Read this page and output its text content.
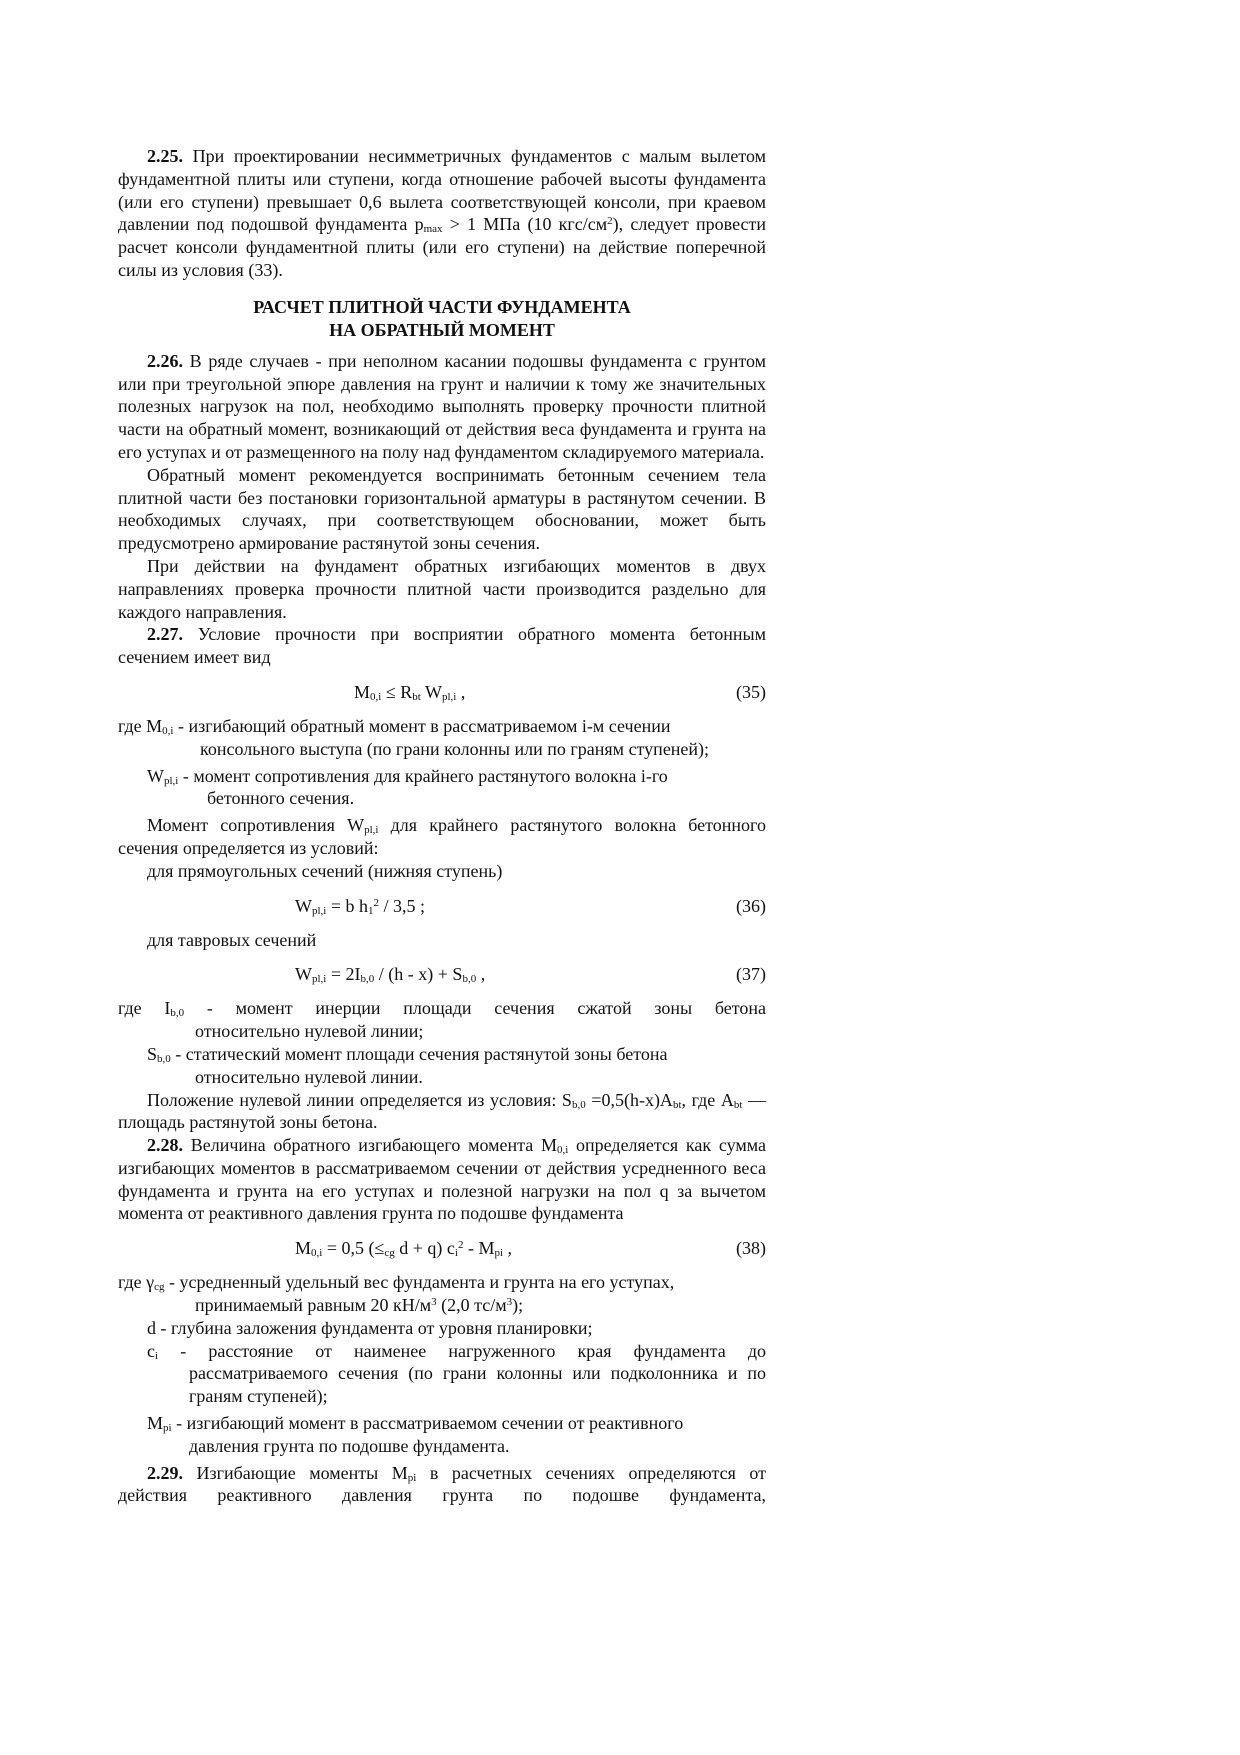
2.25. При проектировании несимметричных фундаментов с малым вылетом фундаментной плиты или ступени, когда отношение рабочей высоты фундамента (или его ступени) превышает 0,6 вылета соответствующей консоли, при краевом давлении под подошвой фундамента $p_{max} > 1$ МПа (10 кгс/$см^2$), следует провести расчет консоли фундаментной плиты (или его ступени) на действие поперечной силы из условия (33).

РАСЧЕТ ПЛИТНОЙ ЧАСТИ ФУНДАМЕНТА
НА ОБРАТНЫЙ МОМЕНТ

2.26. В ряде случаев - при неполном касании подошвы фундамента с грунтом или при треугольной эпюре давления на грунт и наличии к тому же значительных полезных нагрузок на пол, необходимо выполнять проверку прочности плитной части на обратный момент, возникающий от действия веса фундамента и грунта на его уступах и от размещенного на полу над фундаментом складируемого материала.

Обратный момент рекомендуется воспринимать бетонным сечением тела плитной части без постановки горизонтальной арматуры в растянутом сечении. В необходимых случаях, при соответствующем обосновании, может быть предусмотрено армирование растянутой зоны сечения.

При действии на фундамент обратных изгибающих моментов в двух направлениях проверка прочности плитной части производится раздельно для каждого направления.

2.27. Условие прочности при восприятии обратного момента бетонным сечением имеет вид

$M_{0,i} \le R_{bt}$ $W_{pl,i}$ ,	(35)
где $M_{0,i}$ - изгибающий обратный момент в рассматриваемом i-м сечении
консольного выступа (по грани колонны или по граням ступеней);
$W_{pl,i}$ - момент сопротивления для крайнего растянутого волокна i-го
бетонного сечения.

Момент сопротивления $W_{pl,i}$ для крайнего растянутого волокна бетонного сечения определяется из условий:

для прямоугольных сечений (нижняя ступень)

$W_{pl,i} = b$ $h_1^2 / 3,5$ ;	(36)

для тавровых сечений

$W_{pl,i} = 2I_{b,0} / (h - x) + S_{b,0}$ ,	(37)
где $I_{b,0}$ - момент инерции площади сечения сжатой зоны бетона
относительно нулевой линии;
$S_{b,0}$ - статический момент площади сечения растянутой зоны бетона
относительно нулевой линии.

Положение нулевой линии определяется из условия: $S_{b,0} =0,5(h-x)A_{bt}$, где $A_{bt}$ — площадь растянутой зоны бетона.

2.28. Величина обратного изгибающего момента $M_{0,i}$ определяется как сумма изгибающих моментов в рассматриваемом сечении от действия усредненного веса фундамента и грунта на его уступах и полезной нагрузки на пол q за вычетом момента от реактивного давления грунта по подошве фундамента

$M_{0,i} = 0,5$ ($\le_{cg}$ d + q) $c_i^2 - M_{pi}$ ,	(38)
где $\gamma_{cg}$ - усредненный удельный вес фундамента и грунта на его уступах,
принимаемый равным 20 $кН/м^3$ (2,0 $тс/м^3$);
d - глубина заложения фундамента от уровня планировки;
$c_i$ - расстояние от наименее нагруженного края фундамента до
рассматриваемого сечения (по грани колонны или подколонника и по граням ступеней);
$M_{pi}$ - изгибающий момент в рассматриваемом сечении от реактивного
давления грунта по подошве фундамента.

2.29. Изгибающие моменты $M_{pi}$ в расчетных сечениях определяются от действия реактивного давления грунта по подошве фундамента,
